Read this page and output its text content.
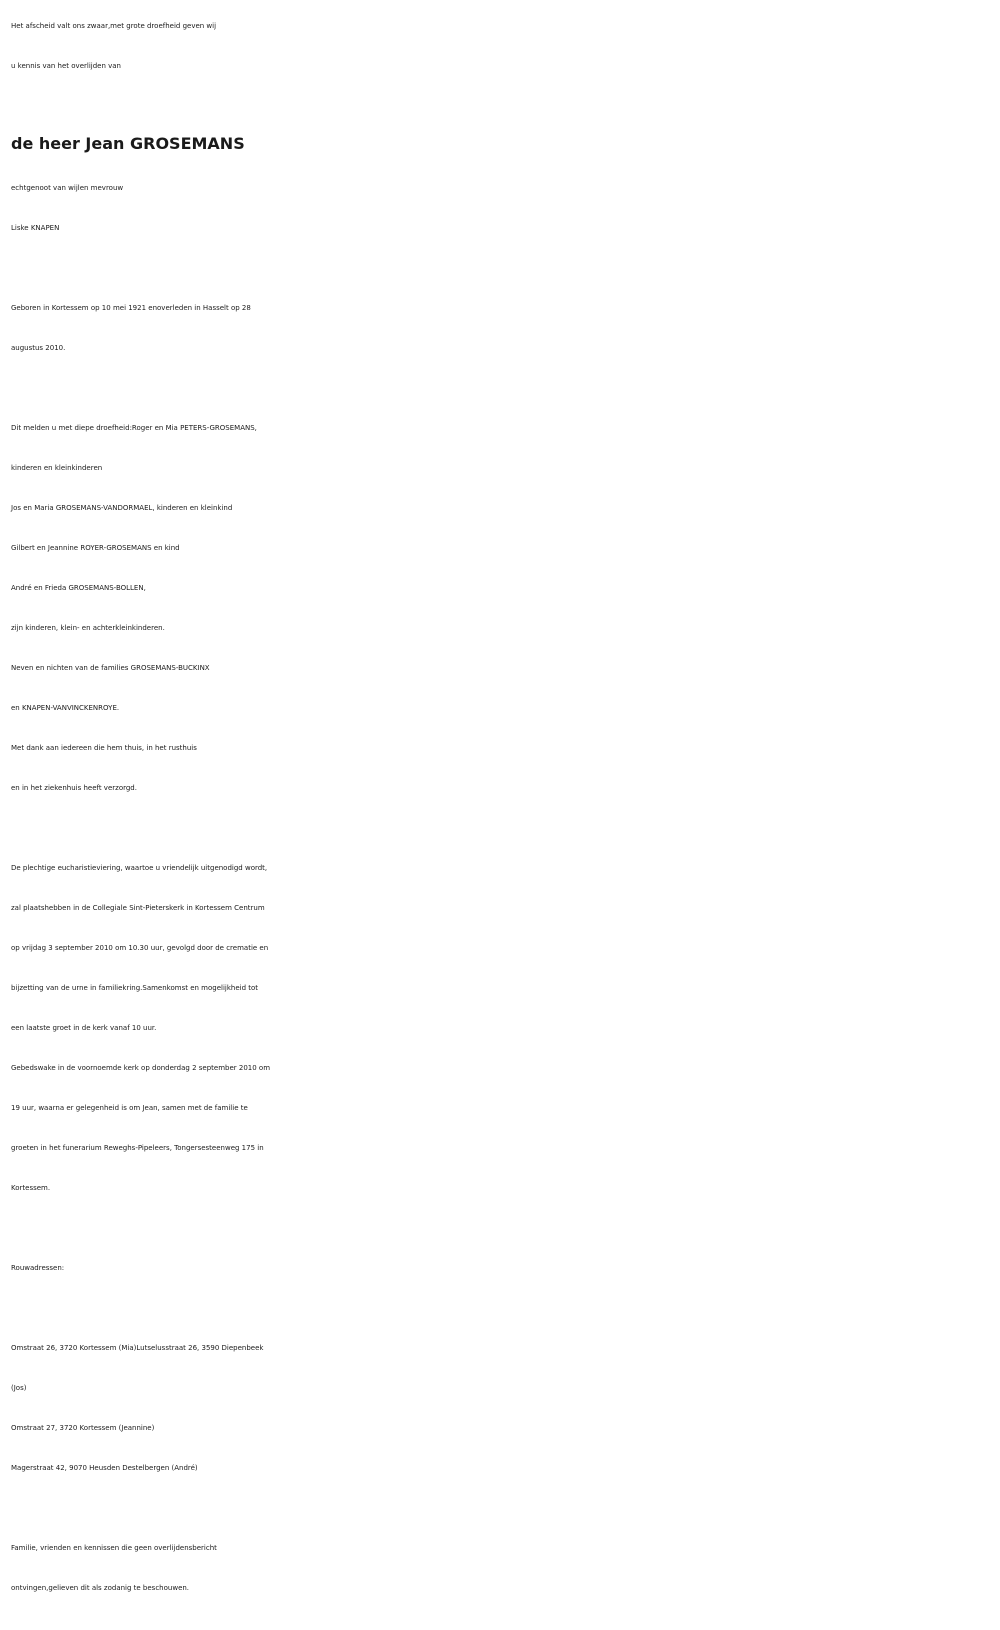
Het afscheid valt ons zwaar,met grote droefheid geven wij
u kennis van het overlijden van
de heer Jean GROSEMANS
echtgenoot van wijlen mevrouw
Liske KNAPEN
Geboren in Kortessem op 10 mei 1921 enoverleden in Hasselt op 28
augustus 2010.
Dit melden u met diepe droefheid:Roger en Mia PETERS-GROSEMANS,
kinderen en kleinkinderen
Jos en Maria GROSEMANS-VANDORMAEL, kinderen en kleinkind
Gilbert en Jeannine ROYER-GROSEMANS en kind
André en Frieda GROSEMANS-BOLLEN,
zijn kinderen, klein- en achterkleinkinderen.
Neven en nichten van de families GROSEMANS-BUCKINX
en KNAPEN-VANVINCKENROYE.
Met dank aan iedereen die hem thuis, in het rusthuis
en in het ziekenhuis heeft verzorgd.
De plechtige eucharistieviering, waartoe u vriendelijk uitgenodigd wordt,
zal plaatshebben in de Collegiale Sint-Pieterskerk in Kortessem Centrum
op vrijdag 3 september 2010 om 10.30 uur, gevolgd door de crematie en
bijzetting van de urne in familiekring.Samenkomst en mogelijkheid tot
een laatste groet in de kerk vanaf 10 uur.
Gebedswake in de voornoemde kerk op donderdag 2 september 2010 om
19 uur, waarna er gelegenheid is om Jean, samen met de familie te
groeten in het funerarium Reweghs-Pipeleers, Tongersesteenweg 175 in
Kortessem.
Rouwadressen:
Omstraat 26, 3720 Kortessem (Mia)Lutselusstraat 26, 3590 Diepenbeek
(Jos)
Omstraat 27, 3720 Kortessem (Jeannine)
Magerstraat 42, 9070 Heusden Destelbergen (André)
Familie, vrienden en kennissen die geen overlijdensbericht
ontvingen,gelieven dit als zodanig te beschouwen.
